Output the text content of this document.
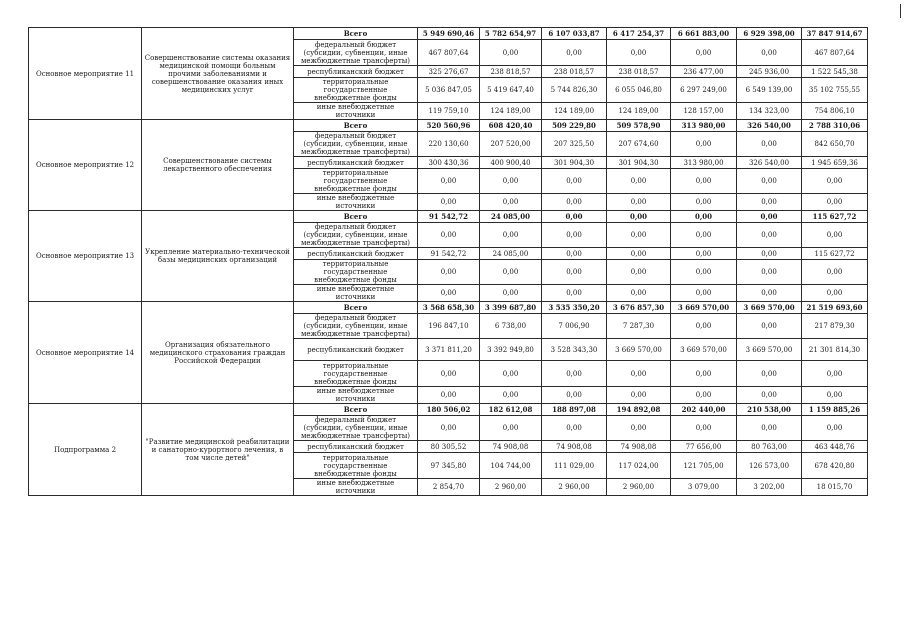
Основное мероприятие 11	Совершенствование системы оказания медицинской помощи больным прочими заболеваниями и совершенствование оказания иных медицинских услуг	Всего	5 949 690,46	5 782 654,97	6 107 033,87	6 417 254,37	6 661 883,00	6 929 398,00	37 847 914,67
		федеральный бюджет (субсидии, субвенции, иные межбюджетные трансферты)	467 807,64	0,00	0,00	0,00	0,00	0,00	467 807,64
		республиканский бюджет	325 276,67	238 818,57	238 018,57	238 018,57	236 477,00	245 936,00	1 522 545,38
		территориальные государственные внебюджетные фонды	5 036 847,05	5 419 647,40	5 744 826,30	6 055 046,80	6 297 249,00	6 549 139,00	35 102 755,55
		иные внебюджетные источники	119 759,10	124 189,00	124 189,00	124 189,00	128 157,00	134 323,00	754 806,10
Основное мероприятие 12	Совершенствование системы лекарственного обеспечения	Всего	520 560,96	608 420,40	509 229,80	509 578,90	313 980,00	326 540,00	2 788 310,06
		федеральный бюджет (субсидии, субвенции, иные межбюджетные трансферты)	220 130,60	207 520,00	207 325,50	207 674,60	0,00	0,00	842 650,70
		республиканский бюджет	300 430,36	400 900,40	301 904,30	301 904,30	313 980,00	326 540,00	1 945 659,36
		территориальные государственные внебюджетные фонды	0,00	0,00	0,00	0,00	0,00	0,00	0,00
		иные внебюджетные источники	0,00	0,00	0,00	0,00	0,00	0,00	0,00
Основное мероприятие 13	Укрепление материально-технической базы медицинских организаций	Всего	91 542,72	24 085,00	0,00	0,00	0,00	0,00	115 627,72
		федеральный бюджет (субсидии, субвенции, иные межбюджетные трансферты)	0,00	0,00	0,00	0,00	0,00	0,00	0,00
		республиканский бюджет	91 542,72	24 085,00	0,00	0,00	0,00	0,00	115 627,72
		территориальные государственные внебюджетные фонды	0,00	0,00	0,00	0,00	0,00	0,00	0,00
		иные внебюджетные источники	0,00	0,00	0,00	0,00	0,00	0,00	0,00
Основное мероприятие 14	Организация обязательного медицинского страхования граждан Российской Федерации	Всего	3 568 658,30	3 399 687,80	3 535 350,20	3 676 857,30	3 669 570,00	3 669 570,00	21 519 693,60
		федеральный бюджет (субсидии, субвенции, иные межбюджетные трансферты)	196 847,10	6 738,00	7 006,90	7 287,30	0,00	0,00	217 879,30
		республиканский бюджет	3 371 811,20	3 392 949,80	3 528 343,30	3 669 570,00	3 669 570,00	3 669 570,00	21 301 814,30
		территориальные государственные внебюджетные фонды	0,00	0,00	0,00	0,00	0,00	0,00	0,00
		иные внебюджетные источники	0,00	0,00	0,00	0,00	0,00	0,00	0,00
Подпрограмма 2	"Развитие медицинской реабилитации и санаторно-курортного лечения, в том числе детей"	Всего	180 506,02	182 612,08	188 897,08	194 892,08	202 440,00	210 538,00	1 159 885,26
		федеральный бюджет (субсидии, субвенции, иные межбюджетные трансферты)	0,00	0,00	0,00	0,00	0,00	0,00	0,00
		республиканский бюджет	80 305,52	74 908,08	74 908,08	74 908,08	77 656,00	80 763,00	463 448,76
		территориальные государственные внебюджетные фонды	97 345,80	104 744,00	111 029,00	117 024,00	121 705,00	126 573,00	678 420,80
		иные внебюджетные источники	2 854,70	2 960,00	2 960,00	2 960,00	3 079,00	3 202,00	18 015,70
